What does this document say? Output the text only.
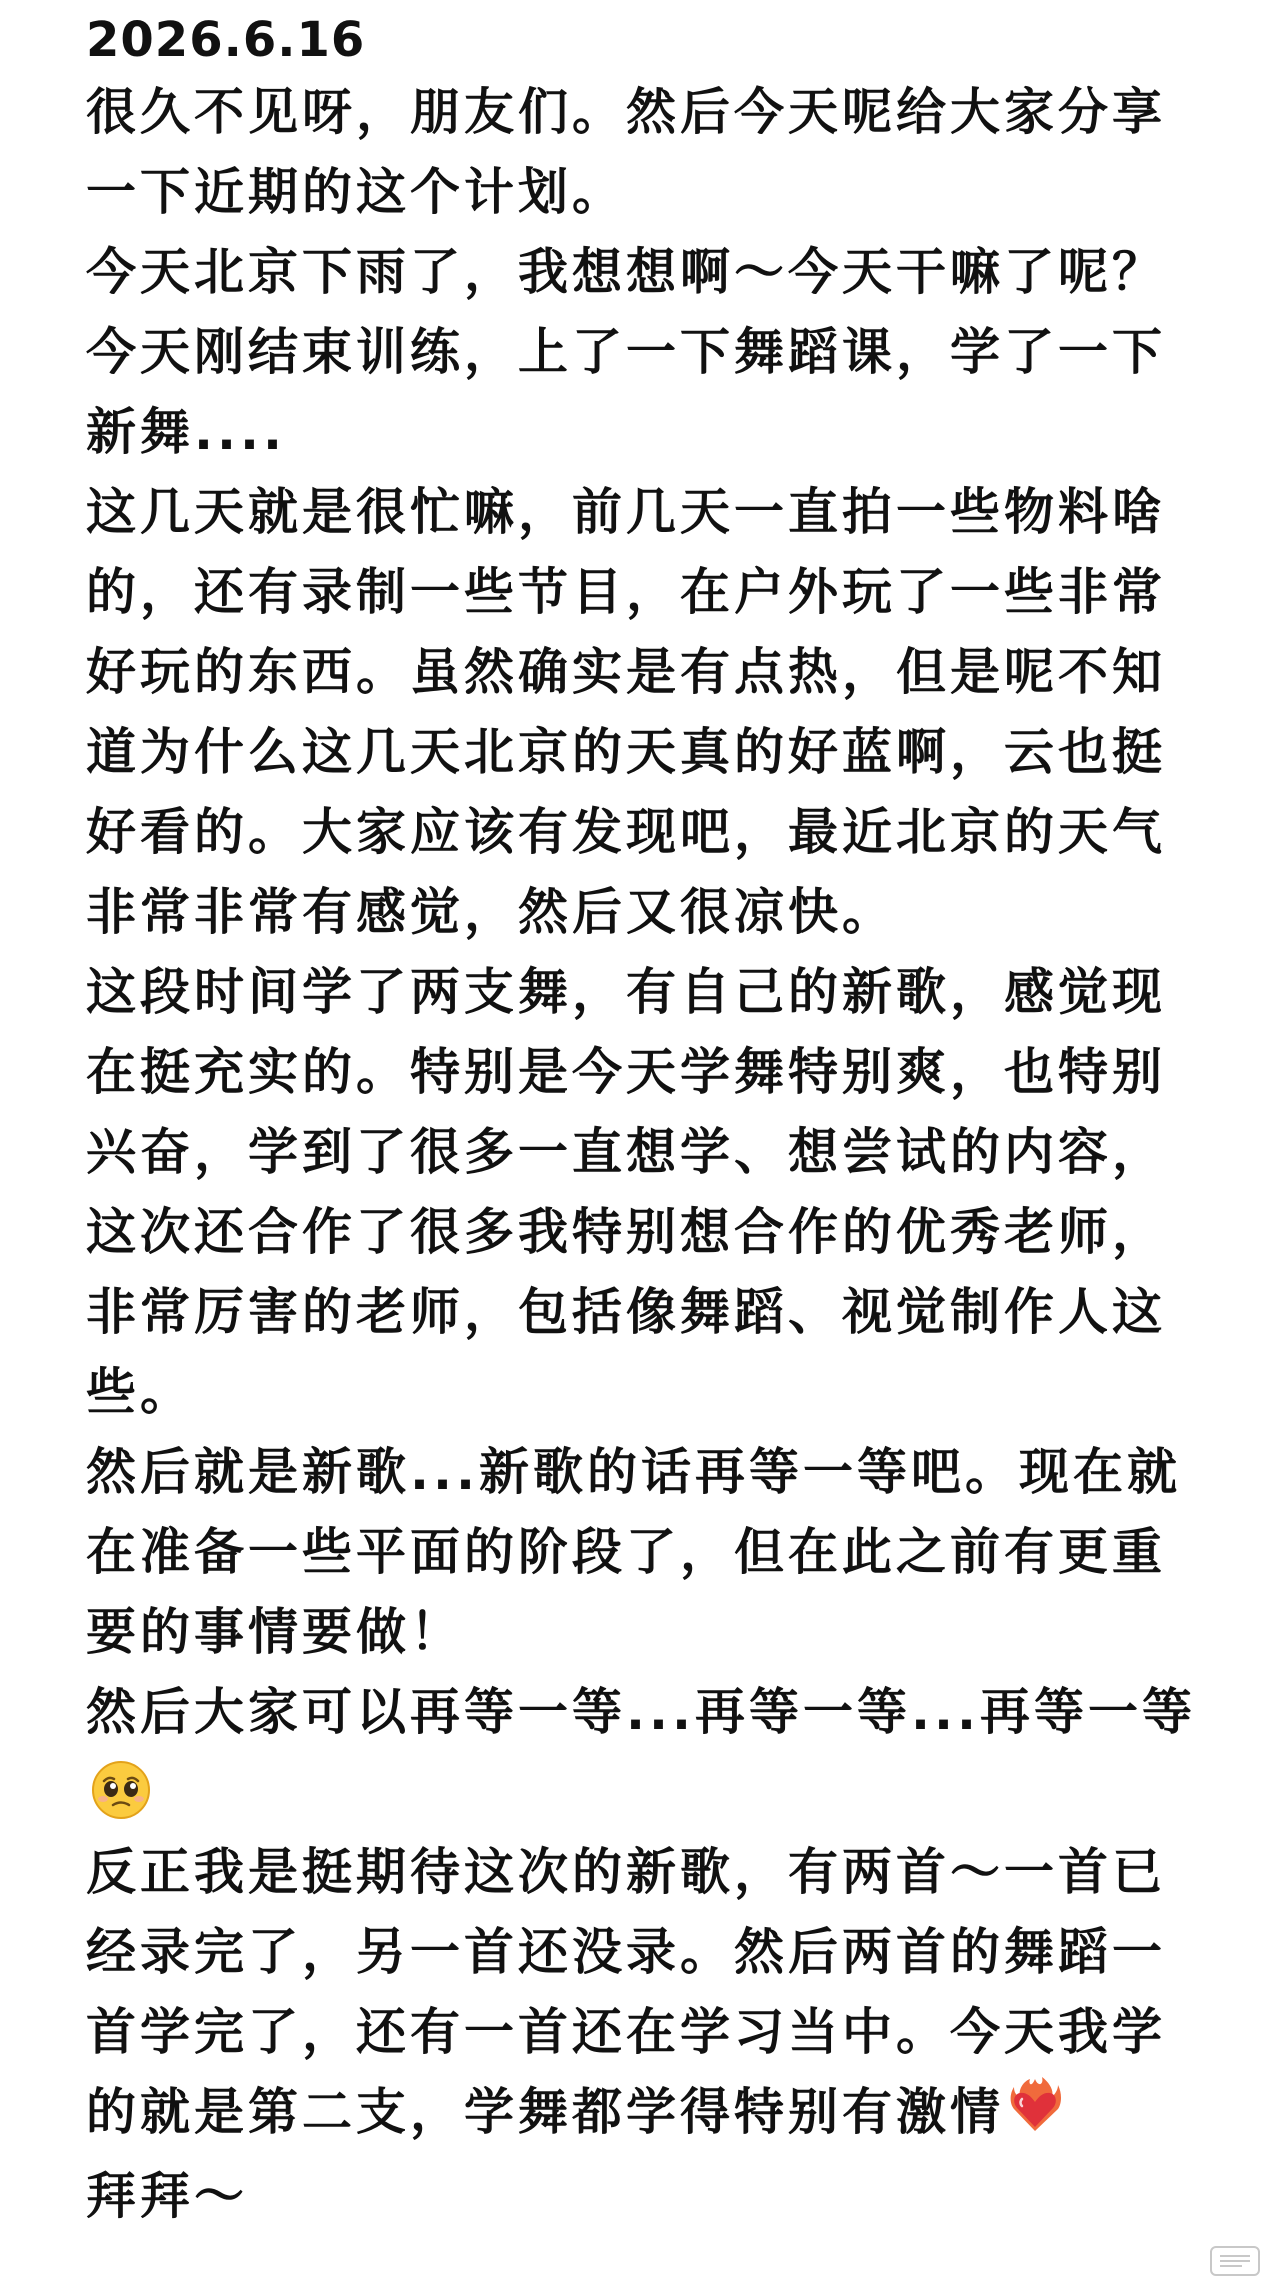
2026.6.16

很久不见呀，朋友们。然后今天呢给大家分享一下近期的这个计划。

今天北京下雨了，我想想啊～今天干嘛了呢？

今天刚结束训练，上了一下舞蹈课，学了一下新舞....

这几天就是很忙嘛，前几天一直拍一些物料啥的，还有录制一些节目，在户外玩了一些非常好玩的东西。虽然确实是有点热，但是呢不知道为什么这几天北京的天真的好蓝啊，云也挺好看的。大家应该有发现吧，最近北京的天气非常非常有感觉，然后又很凉快。

这段时间学了两支舞，有自己的新歌，感觉现在挺充实的。特别是今天学舞特别爽，也特别兴奋，学到了很多一直想学、想尝试的内容，这次还合作了很多我特别想合作的优秀老师，非常厉害的老师，包括像舞蹈、视觉制作人这些。

然后就是新歌...新歌的话再等一等吧。现在就在准备一些平面的阶段了，但在此之前有更重要的事情要做！

然后大家可以再等一等...再等一等...再等一等

反正我是挺期待这次的新歌，有两首～一首已经录完了，另一首还没录。然后两首的舞蹈一首学完了，还有一首还在学习当中。今天我学的就是第二支，学舞都学得特别有激情

拜拜～
